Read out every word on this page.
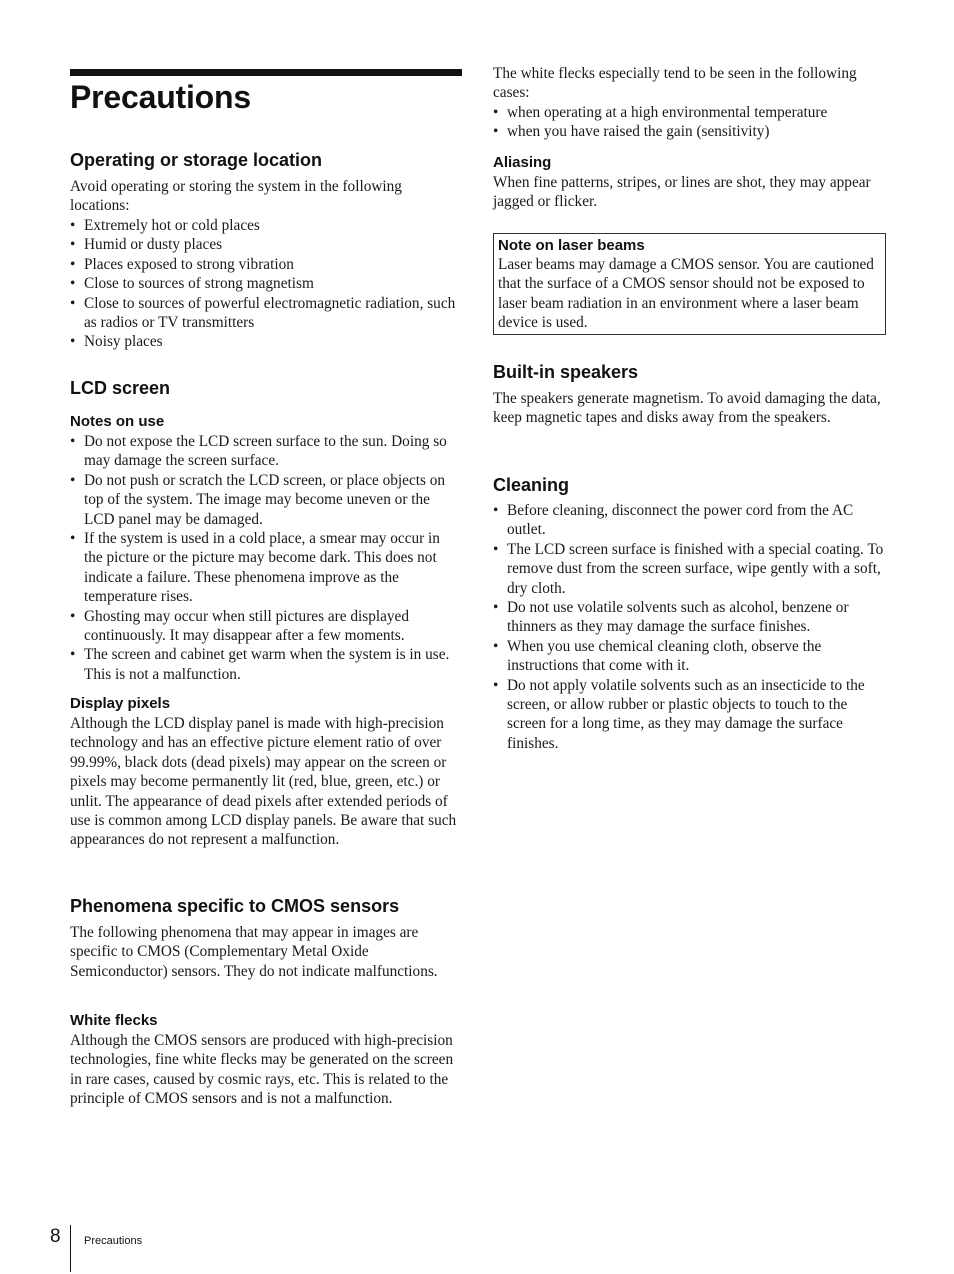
Precautions
Operating or storage location

Avoid operating or storing the system in the following locations:

• Extremely hot or cold places
• Humid or dusty places
• Places exposed to strong vibration
• Close to sources of strong magnetism
• Close to sources of powerful electromagnetic radiation, such as radios or TV transmitters
• Noisy places
LCD screen
Notes on use
• Do not expose the LCD screen surface to the sun. Doing so may damage the screen surface.
• Do not push or scratch the LCD screen, or place objects on top of the system. The image may become uneven or the LCD panel may be damaged.
• If the system is used in a cold place, a smear may occur in the picture or the picture may become dark. This does not indicate a failure. These phenomena improve as the temperature rises.
• Ghosting may occur when still pictures are displayed continuously. It may disappear after a few moments.
• The screen and cabinet get warm when the system is in use. This is not a malfunction.
Display pixels

Although the LCD display panel is made with high-precision technology and has an effective picture element ratio of over 99.99%, black dots (dead pixels) may appear on the screen or pixels may become permanently lit (red, blue, green, etc.) or unlit. The appearance of dead pixels after extended periods of use is common among LCD display panels. Be aware that such appearances do not represent a malfunction.

Phenomena specific to CMOS sensors

The following phenomena that may appear in images are specific to CMOS (Complementary Metal Oxide Semiconductor) sensors. They do not indicate malfunctions.

White flecks

Although the CMOS sensors are produced with high-precision technologies, fine white flecks may be generated on the screen in rare cases, caused by cosmic rays, etc. This is related to the principle of CMOS sensors and is not a malfunction.

The white flecks especially tend to be seen in the following cases:

• when operating at a high environmental temperature
• when you have raised the gain (sensitivity)
Aliasing

When fine patterns, stripes, or lines are shot, they may appear jagged or flicker.

Note on laser beams

Laser beams may damage a CMOS sensor. You are cautioned that the surface of a CMOS sensor should not be exposed to laser beam radiation in an environment where a laser beam device is used.

Built-in speakers

The speakers generate magnetism. To avoid damaging the data, keep magnetic tapes and disks away from the speakers.

Cleaning
• Before cleaning, disconnect the power cord from the AC outlet.
• The LCD screen surface is finished with a special coating. To remove dust from the screen surface, wipe gently with a soft, dry cloth.
• Do not use volatile solvents such as alcohol, benzene or thinners as they may damage the surface finishes.
• When you use chemical cleaning cloth, observe the instructions that come with it.
• Do not apply volatile solvents such as an insecticide to the screen, or allow rubber or plastic objects to touch to the screen for a long time, as they may damage the surface finishes.

8 Precautions
